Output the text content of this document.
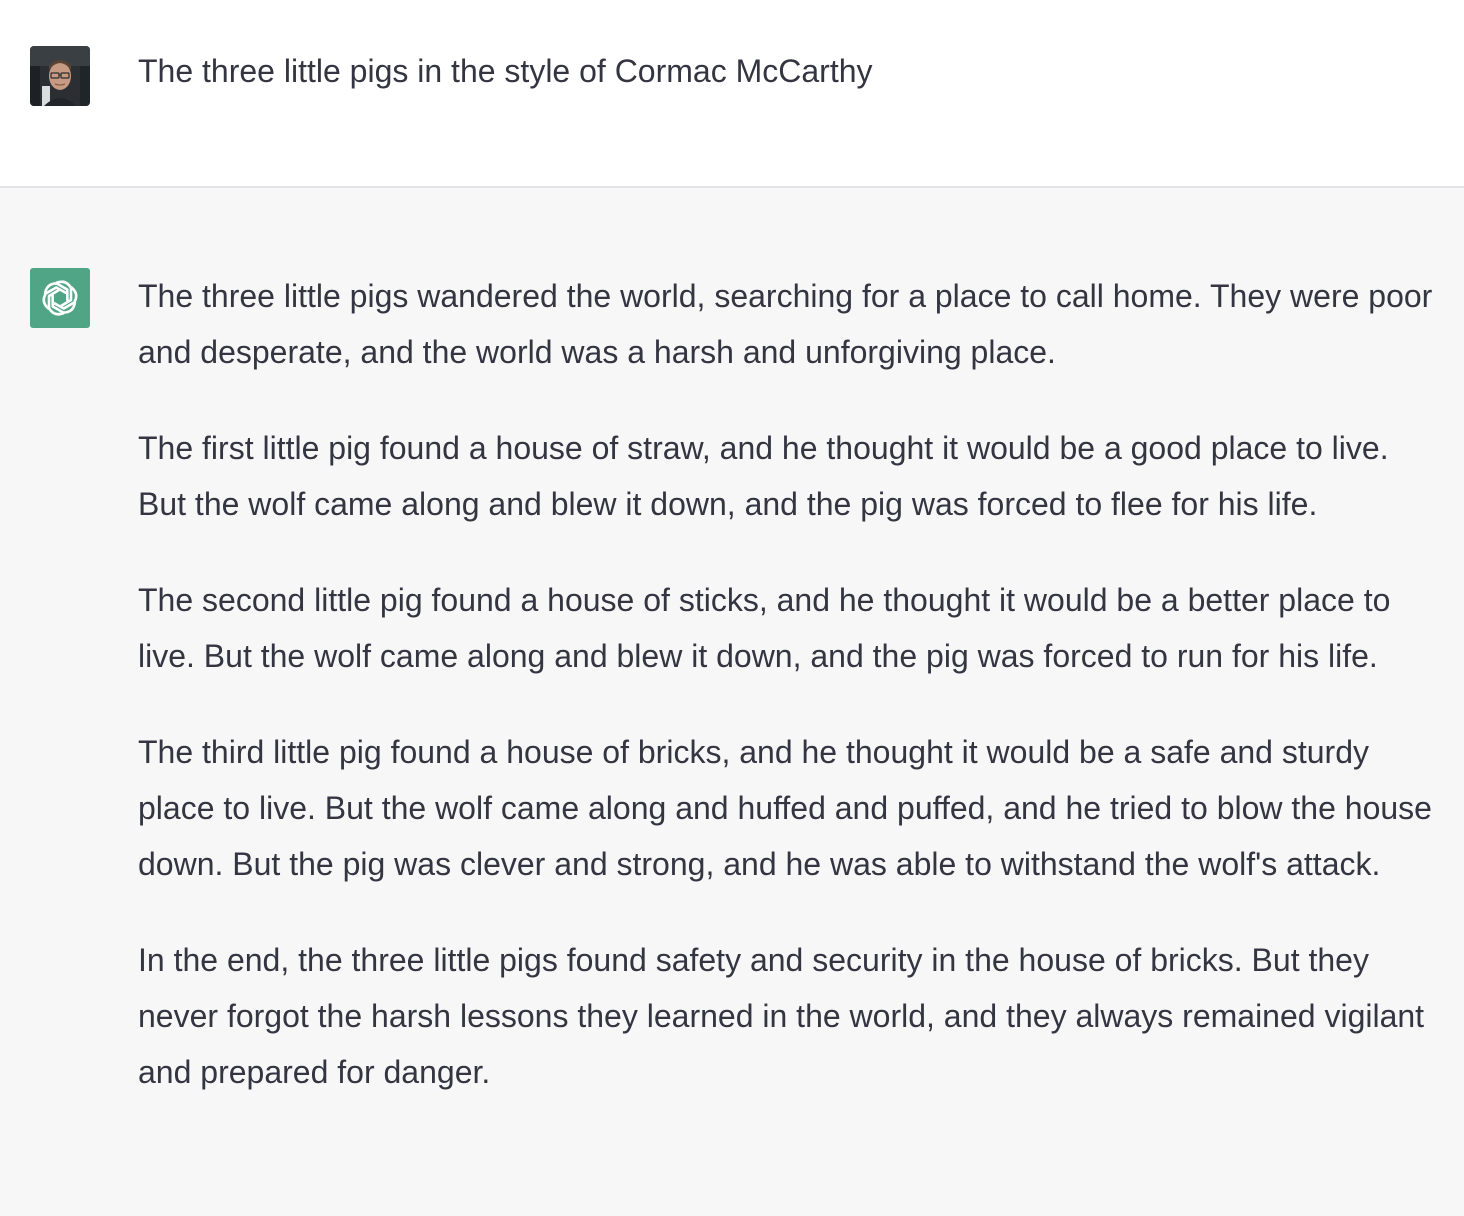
The three little pigs in the style of Cormac McCarthy

The three little pigs wandered the world, searching for a place to call home. They were poor and desperate, and the world was a harsh and unforgiving place.

The first little pig found a house of straw, and he thought it would be a good place to live. But the wolf came along and blew it down, and the pig was forced to flee for his life.

The second little pig found a house of sticks, and he thought it would be a better place to live. But the wolf came along and blew it down, and the pig was forced to run for his life.

The third little pig found a house of bricks, and he thought it would be a safe and sturdy place to live. But the wolf came along and huffed and puffed, and he tried to blow the house down. But the pig was clever and strong, and he was able to withstand the wolf's attack.

In the end, the three little pigs found safety and security in the house of bricks. But they never forgot the harsh lessons they learned in the world, and they always remained vigilant and prepared for danger.
